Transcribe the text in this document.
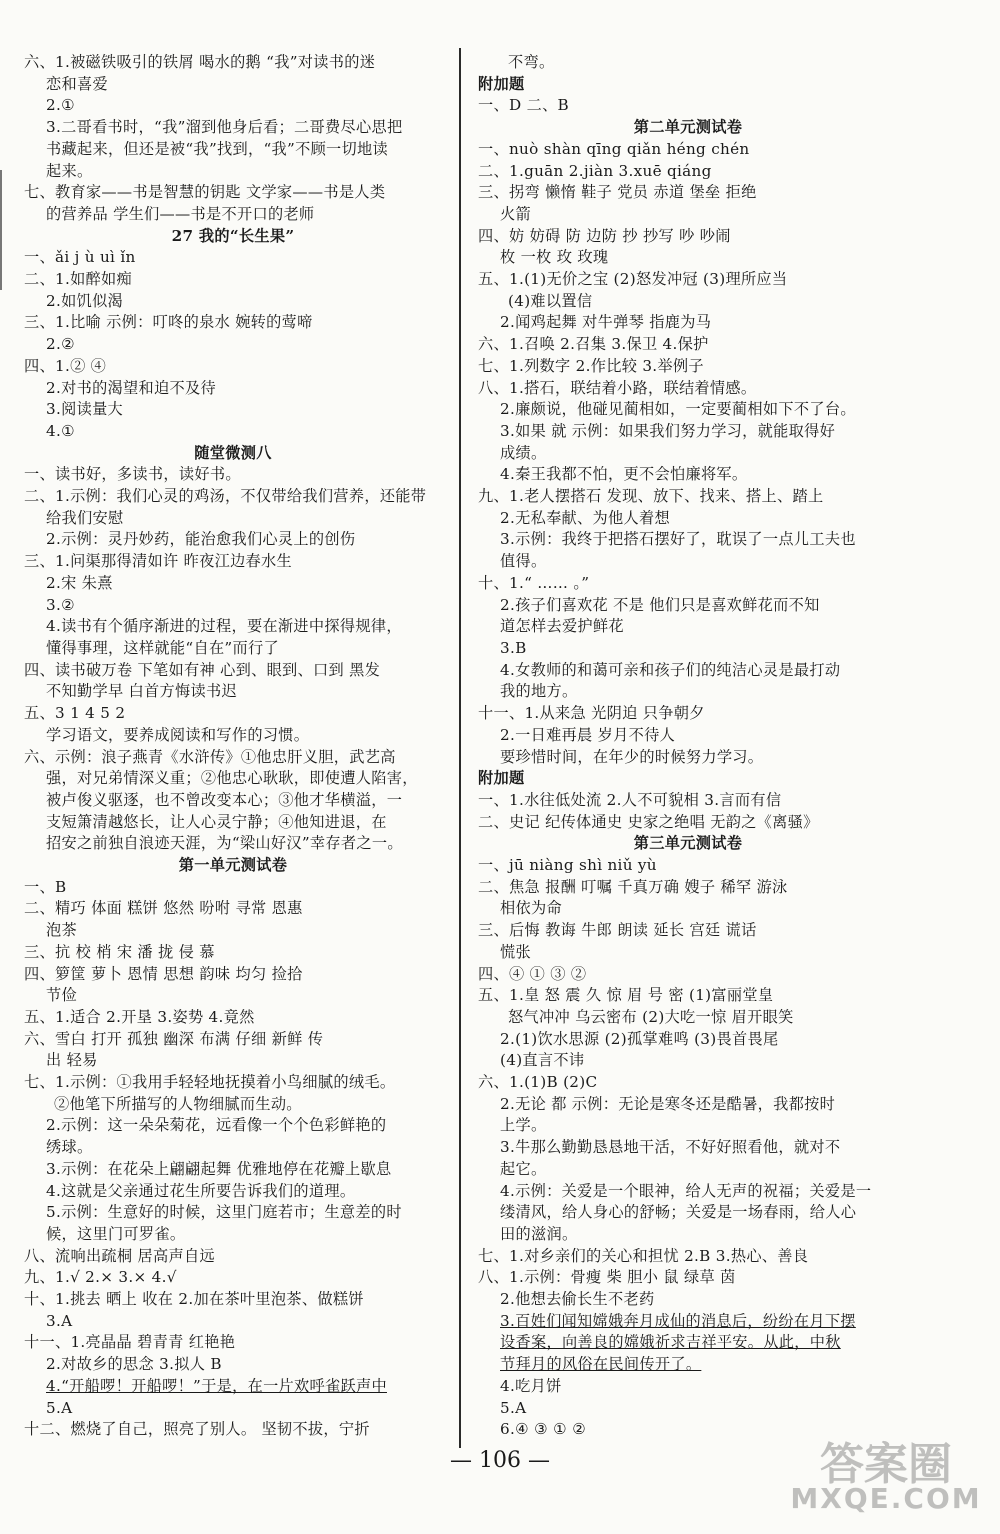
六、1.被磁铁吸引的铁屑 喝水的鹅 “我”对读书的迷
恋和喜爱
2.①
3.二哥看书时，“我”溜到他身后看；二哥费尽心思把
书藏起来，但还是被“我”找到，“我”不顾一切地读
起来。
七、教育家——书是智慧的钥匙 文学家——书是人类
的营养品 学生们——书是不开口的老师
27 我的“长生果”
一、ǎi j ù uì ǐn
二、1.如醉如痴
2.如饥似渴
三、1.比喻 示例：叮咚的泉水 婉转的莺啼
2.②
四、1.② ④
2.对书的渴望和迫不及待
3.阅读量大
4.①
随堂微测八
一、读书好，多读书，读好书。
二、1.示例：我们心灵的鸡汤，不仅带给我们营养，还能带
给我们安慰
2.示例：灵丹妙药，能治愈我们心灵上的创伤
三、1.问渠那得清如许 昨夜江边春水生
2.宋 朱熹
3.②
4.读书有个循序渐进的过程，要在渐进中探得规律，
懂得事理，这样就能“自在”而行了
四、读书破万卷 下笔如有神 心到、眼到、口到 黑发
不知勤学早 白首方悔读书迟
五、3 1 4 5 2
学习语文，要养成阅读和写作的习惯。
六、示例：浪子燕青《水浒传》①他忠肝义胆，武艺高
强，对兄弟情深义重；②他忠心耿耿，即使遭人陷害，
被卢俊义驱逐，也不曾改变本心；③他才华横溢，一
支短箫清越悠长，让人心灵宁静；④他知进退，在
招安之前独自浪迹天涯，为“梁山好汉”幸存者之一。
第一单元测试卷
一、B
二、精巧 体面 糕饼 悠然 吩咐 寻常 恩惠
泡茶
三、抗 校 梢 宋 潘 拢 侵 慕
四、箩筐 萝卜 恩情 思想 韵味 均匀 捡拾
节俭
五、1.适合 2.开垦 3.姿势 4.竟然
六、雪白 打开 孤独 幽深 布满 仔细 新鲜 传
出 轻易
七、1.示例：①我用手轻轻地抚摸着小鸟细腻的绒毛。
②他笔下所描写的人物细腻而生动。
2.示例：这一朵朵菊花，远看像一个个色彩鲜艳的
绣球。
3.示例：在花朵上翩翩起舞 优雅地停在花瓣上歇息
4.这就是父亲通过花生所要告诉我们的道理。
5.示例：生意好的时候，这里门庭若市；生意差的时
候，这里门可罗雀。
八、流响出疏桐 居高声自远
九、1.√ 2.× 3.× 4.√
十、1.挑去 晒上 收在 2.加在茶叶里泡茶、做糕饼
3.A
十一、1.亮晶晶 碧青青 红艳艳
2.对故乡的思念 3.拟人 B
4.“开船啰！开船啰！”于是，在一片欢呼雀跃声中
5.A
十二、燃烧了自己，照亮了别人。 坚韧不拔，宁折
不弯。
附加题
一、D 二、B
第二单元测试卷
一、nuò shàn qīng qiǎn héng chén
二、1.guān 2.jiàn 3.xuē qiáng
三、拐弯 懒惰 鞋子 党员 赤道 堡垒 拒绝
火箭
四、妨 妨碍 防 边防 抄 抄写 吵 吵闹
枚 一枚 玫 玫瑰
五、1.(1)无价之宝 (2)怒发冲冠 (3)理所应当
(4)难以置信
2.闻鸡起舞 对牛弹琴 指鹿为马
六、1.召唤 2.召集 3.保卫 4.保护
七、1.列数字 2.作比较 3.举例子
八、1.搭石，联结着小路，联结着情感。
2.廉颇说，他碰见蔺相如，一定要蔺相如下不了台。
3.如果 就 示例：如果我们努力学习，就能取得好
成绩。
4.秦王我都不怕，更不会怕廉将军。
九、1.老人摆搭石 发现、放下、找来、搭上、踏上
2.无私奉献、为他人着想
3.示例：我终于把搭石摆好了，耽误了一点儿工夫也
值得。
十、1.“ …… 。”
2.孩子们喜欢花 不是 他们只是喜欢鲜花而不知
道怎样去爱护鲜花
3.B
4.女教师的和蔼可亲和孩子们的纯洁心灵是最打动
我的地方。
十一、1.从来急 光阴迫 只争朝夕
2.一日难再晨 岁月不待人
要珍惜时间，在年少的时候努力学习。
附加题
一、1.水往低处流 2.人不可貌相 3.言而有信
二、史记 纪传体通史 史家之绝唱 无韵之《离骚》
第三单元测试卷
一、jū niàng shì niǔ yù
二、焦急 报酬 叮嘱 千真万确 嫂子 稀罕 游泳
相依为命
三、后悔 教诲 牛郎 朗读 延长 宫廷 谎话
慌张
四、④ ① ③ ②
五、1.皇 怒 震 久 惊 眉 号 密 (1)富丽堂皇
怒气冲冲 乌云密布 (2)大吃一惊 眉开眼笑
2.(1)饮水思源 (2)孤掌难鸣 (3)畏首畏尾
(4)直言不讳
六、1.(1)B (2)C
2.无论 都 示例：无论是寒冬还是酷暑，我都按时
上学。
3.牛那么勤勤恳恳地干活，不好好照看他，就对不
起它。
4.示例：关爱是一个眼神，给人无声的祝福；关爱是一
缕清风，给人身心的舒畅；关爱是一场春雨，给人心
田的滋润。
七、1.对乡亲们的关心和担忧 2.B 3.热心、善良
八、1.示例：骨瘦 柴 胆小 鼠 绿草 茵
2.他想去偷长生不老药
3.百姓们闻知嫦娥奔月成仙的消息后，纷纷在月下摆
设香案，向善良的嫦娥祈求吉祥平安。从此，中秋
节拜月的风俗在民间传开了。
4.吃月饼
5.A
6.④ ③ ① ②
— 106 —	答案圈
MXQE.COM
